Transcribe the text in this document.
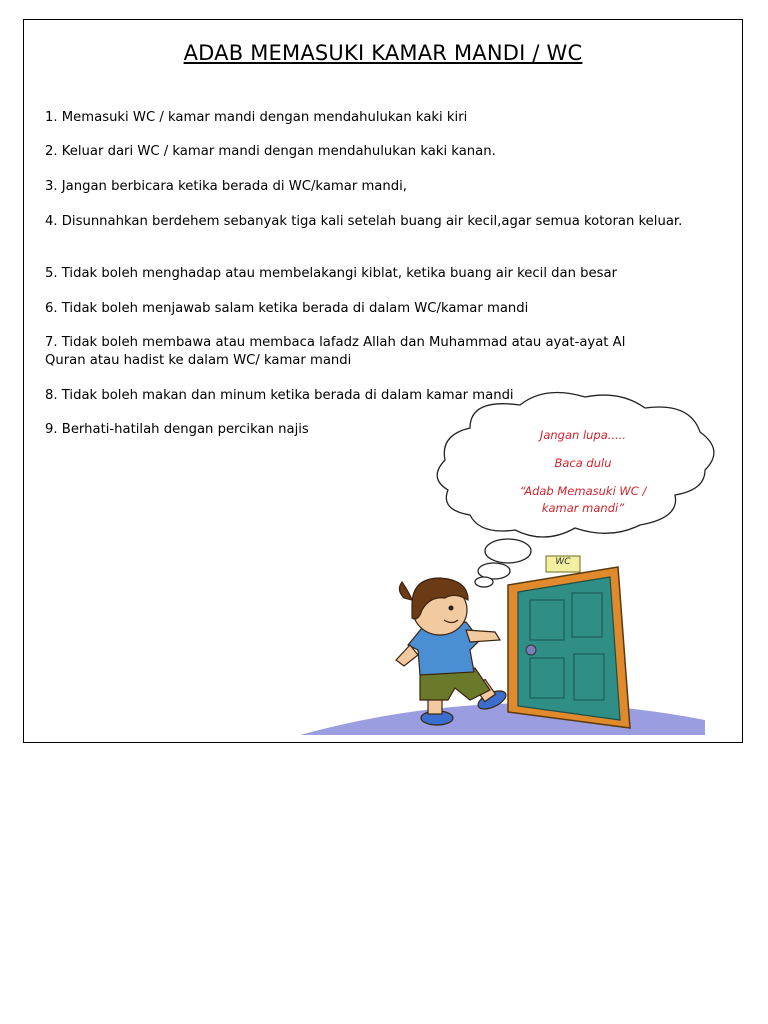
ADAB MEMASUKI KAMAR MANDI / WC
1. Memasuki WC / kamar mandi dengan mendahulukan kaki kiri
2. Keluar dari WC / kamar mandi dengan mendahulukan kaki kanan.
3. Jangan berbicara ketika berada di WC/kamar mandi,
4. Disunnahkan berdehem sebanyak tiga kali setelah buang air kecil,agar semua kotoran keluar.
5. Tidak boleh menghadap atau membelakangi kiblat, ketika buang air kecil dan besar
6. Tidak boleh menjawab salam ketika berada di dalam WC/kamar mandi
7. Tidak boleh membawa atau membaca lafadz Allah dan Muhammad atau ayat-ayat Al Quran atau hadist ke dalam WC/ kamar mandi
8. Tidak boleh makan dan minum ketika berada di dalam kamar mandi
9. Berhati-hatilah dengan percikan najis	Jangan lupa.....
Baca dulu
“Adab Memasuki WC /
kamar mandi”
WC
